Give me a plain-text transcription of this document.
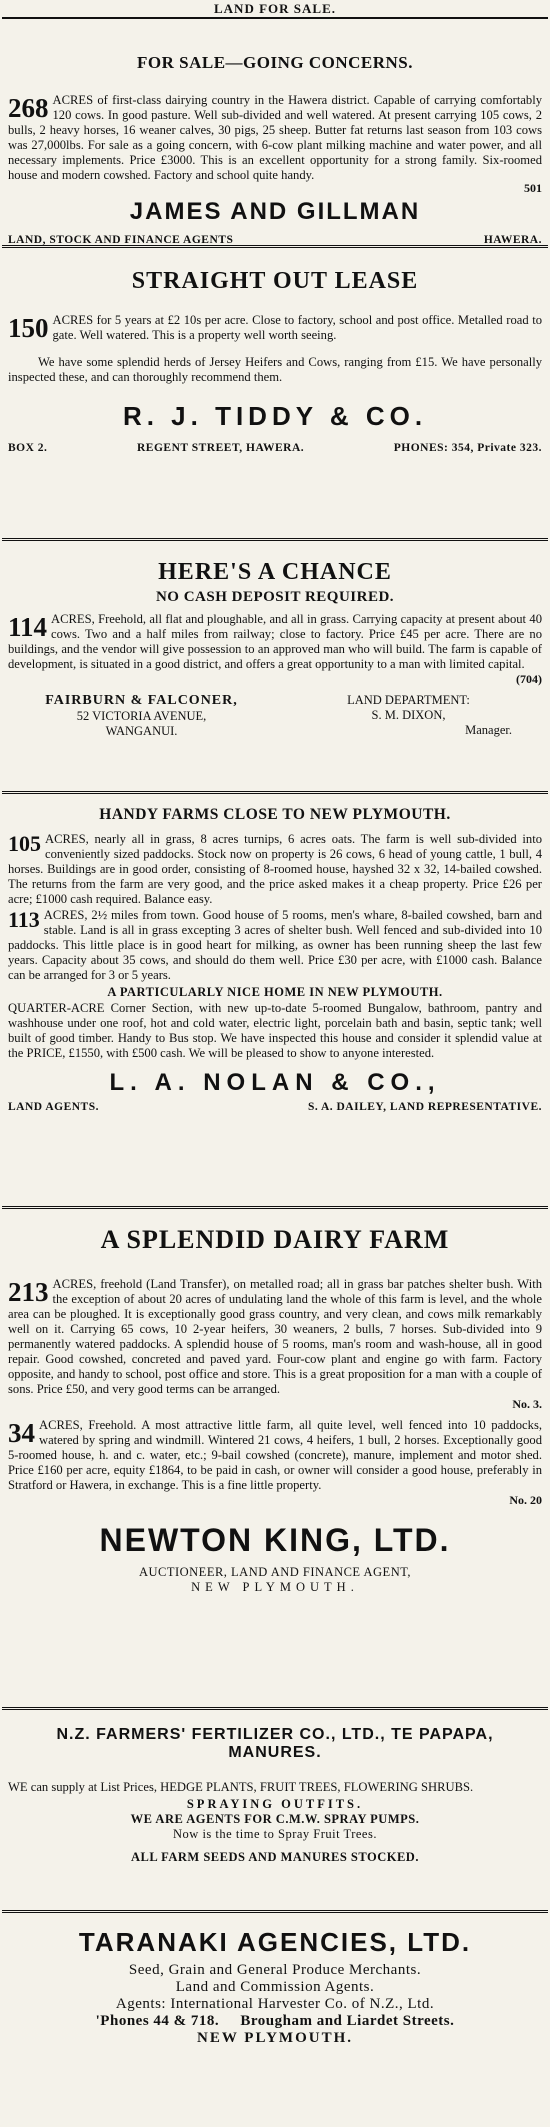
LAND FOR SALE.
FOR SALE—GOING CONCERNS.

268 ACRES of first-class dairying country in the Hawera district. Capable of carrying comfortably 120 cows. In good pasture. Well sub-divided and well watered. At present carrying 105 cows, 2 bulls, 2 heavy horses, 16 weaner calves, 30 pigs, 25 sheep. Butter fat returns last season from 103 cows was 27,000lbs. For sale as a going concern, with 6-cow plant milking machine and water power, and all necessary implements. Price £3000. This is an excellent opportunity for a strong family. Six-roomed house and modern cowshed. Factory and school quite handy.

501
JAMES AND GILLMAN
LAND, STOCK AND FINANCE AGENTS	HAWERA.
STRAIGHT OUT LEASE

150 ACRES for 5 years at £2 10s per acre. Close to factory, school and post office. Metalled road to gate. Well watered. This is a property well worth seeing.

We have some splendid herds of Jersey Heifers and Cows, ranging from £15. We have personally inspected these, and can thoroughly recommend them.

R. J. TIDDY & CO.
BOX 2.	REGENT STREET, HAWERA.	PHONES: 354, Private 323.
HERE'S A CHANCE
NO CASH DEPOSIT REQUIRED.

114 ACRES, Freehold, all flat and ploughable, and all in grass. Carrying capacity at present about 40 cows. Two and a half miles from railway; close to factory. Price £45 per acre. There are no buildings, and the vendor will give possession to an approved man who will build. The farm is capable of development, is situated in a good district, and offers a great opportunity to a man with limited capital.

(704)
FAIRBURN & FALCONER,
52 VICTORIA AVENUE,
WANGANUI.
LAND DEPARTMENT:
S. M. DIXON,
Manager.
HANDY FARMS CLOSE TO NEW PLYMOUTH.

105 ACRES, nearly all in grass, 8 acres turnips, 6 acres oats. The farm is well sub-divided into conveniently sized paddocks. Stock now on property is 26 cows, 6 head of young cattle, 1 bull, 4 horses. Buildings are in good order, consisting of 8-roomed house, hayshed 32 x 32, 14-bailed cowshed. The returns from the farm are very good, and the price asked makes it a cheap property. Price £26 per acre; £1000 cash required. Balance easy.

113 ACRES, 2½ miles from town. Good house of 5 rooms, men's whare, 8-bailed cowshed, barn and stable. Land is all in grass excepting 3 acres of shelter bush. Well fenced and sub-divided into 10 paddocks. This little place is in good heart for milking, as owner has been running sheep the last few years. Capacity about 35 cows, and should do them well. Price £30 per acre, with £1000 cash. Balance can be arranged for 3 or 5 years.

A PARTICULARLY NICE HOME IN NEW PLYMOUTH.

QUARTER-ACRE Corner Section, with new up-to-date 5-roomed Bungalow, bathroom, pantry and washhouse under one roof, hot and cold water, electric light, porcelain bath and basin, septic tank; well built of good timber. Handy to Bus stop. We have inspected this house and consider it splendid value at the PRICE, £1550, with £500 cash. We will be pleased to show to anyone interested.

L. A. NOLAN & CO.,
LAND AGENTS.	S. A. DAILEY, LAND REPRESENTATIVE.
A SPLENDID DAIRY FARM

213 ACRES, freehold (Land Transfer), on metalled road; all in grass bar patches shelter bush. With the exception of about 20 acres of undulating land the whole of this farm is level, and the whole area can be ploughed. It is exceptionally good grass country, and very clean, and cows milk remarkably well on it. Carrying 65 cows, 10 2-year heifers, 30 weaners, 2 bulls, 7 horses. Sub-divided into 9 permanently watered paddocks. A splendid house of 5 rooms, man's room and wash-house, all in good repair. Good cowshed, concreted and paved yard. Four-cow plant and engine go with farm. Factory opposite, and handy to school, post office and store. This is a great proposition for a man with a couple of sons. Price £50, and very good terms can be arranged.

No. 3.

34 ACRES, Freehold. A most attractive little farm, all quite level, well fenced into 10 paddocks, watered by spring and windmill. Wintered 21 cows, 4 heifers, 1 bull, 2 horses. Exceptionally good 5-roomed house, h. and c. water, etc.; 9-bail cowshed (concrete), manure, implement and motor shed. Price £160 per acre, equity £1864, to be paid in cash, or owner will consider a good house, preferably in Stratford or Hawera, in exchange. This is a fine little property.

No. 20
NEWTON KING, LTD.
AUCTIONEER, LAND AND FINANCE AGENT,
NEW PLYMOUTH.
N.Z. FARMERS' FERTILIZER CO., LTD., TE PAPAPA,
MANURES.

WE can supply at List Prices, HEDGE PLANTS, FRUIT TREES, FLOWERING SHRUBS.

SPRAYING OUTFITS.
WE ARE AGENTS FOR C.M.W. SPRAY PUMPS.
Now is the time to Spray Fruit Trees.
ALL FARM SEEDS AND MANURES STOCKED.
TARANAKI AGENCIES, LTD.
Seed, Grain and General Produce Merchants.
Land and Commission Agents.
Agents: International Harvester Co. of N.Z., Ltd.
'Phones 44 & 718.     Brougham and Liardet Streets.
NEW PLYMOUTH.
